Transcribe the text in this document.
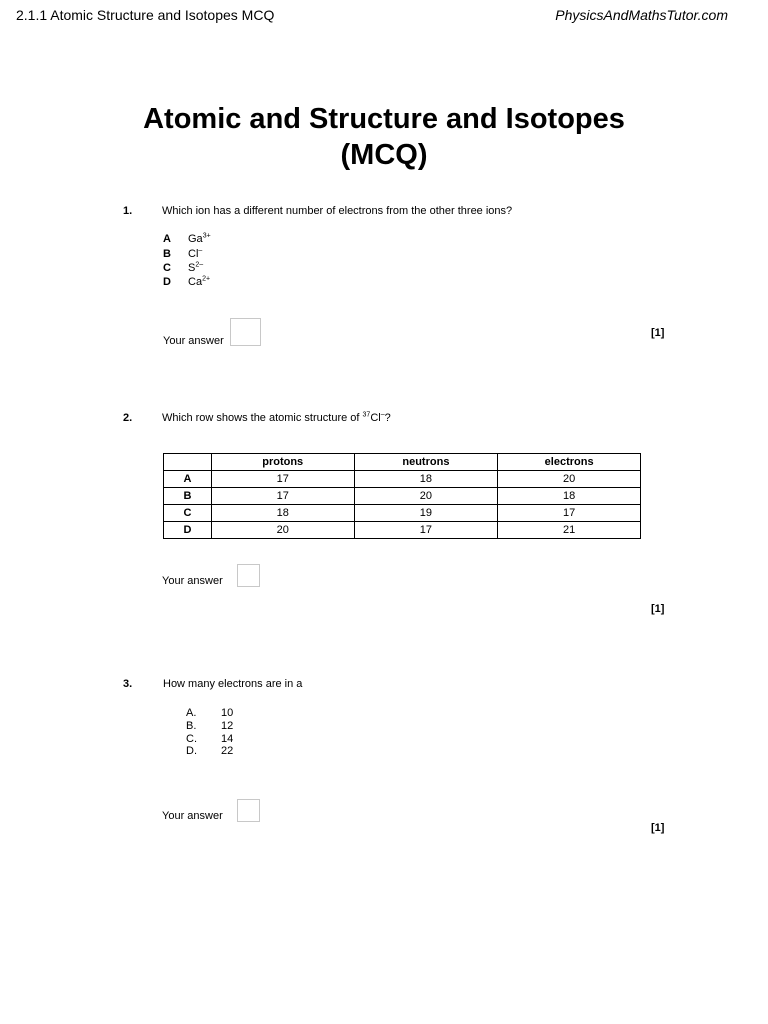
2.1.1 Atomic Structure and Isotopes MCQ	PhysicsAndMathsTutor.com
Atomic and Structure and Isotopes
(MCQ)
1.	Which ion has a different number of electrons from the other three ions?
A $Ga^{3+}$
B Cl–
C $S^{2-}$
D $Ca^{2+}$
Your answer
[1]
2.	Which row shows the atomic structure of $^{37}$Cl–?
	protons	neutrons	electrons
A	17	18	20
B	17	20	18
C	18	19	17
D	20	17	21
Your answer
[1]
3.	How many electrons are in a
A. 10
B. 12
C. 14
D. 22
Your answer
[1]
